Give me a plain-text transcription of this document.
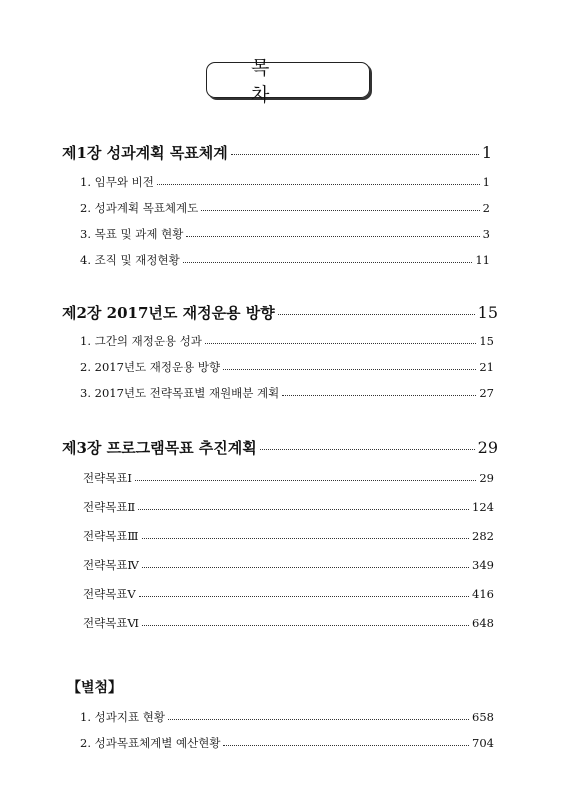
목 차
제1장 성과계획 목표체계	1
1. 임무와 비전	1
2. 성과계획 목표체계도	2
3. 목표 및 과제 현황	3
4. 조직 및 재정현황	11
제2장 2017년도 재정운용 방향	15
1. 그간의 재정운용 성과	15
2. 2017년도 재정운용 방향	21
3. 2017년도 전략목표별 재원배분 계획	27
제3장 프로그램목표 추진계획	29
전략목표Ⅰ	29
전략목표Ⅱ	124
전략목표Ⅲ	282
전략목표Ⅳ	349
전략목표Ⅴ	416
전략목표Ⅵ	648
【별첨】
1. 성과지표 현황	658
2. 성과목표체계별 예산현황	704
